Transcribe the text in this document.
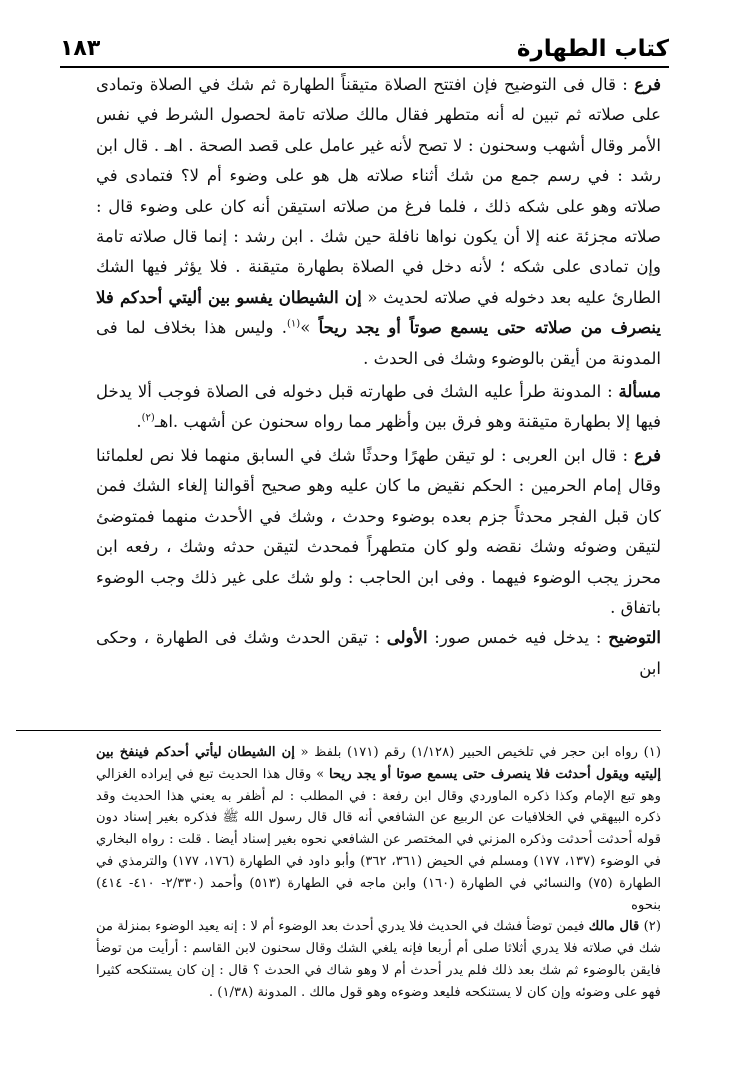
كتاب الطهارة
١٨٣

فرع : قال فى التوضيح فإن افتتح الصلاة متيقناً الطهارة ثم شك في الصلاة وتمادى على صلاته ثم تبين له أنه متطهر فقال مالك صلاته تامة لحصول الشرط في نفس الأمر وقال أشهب وسحنون : لا تصح لأنه غير عامل على قصد الصحة . اهـ . قال ابن رشد : في رسم جمع من شك أثناء صلاته هل هو على وضوء أم لا؟ فتمادى في صلاته وهو على شكه ذلك ، فلما فرغ من صلاته استيقن أنه كان على وضوء قال : صلاته مجزئة عنه إلا أن يكون نواها نافلة حين شك . ابن رشد : إنما قال صلاته تامة وإن تمادى على شكه ؛ لأنه دخل في الصلاة بطهارة متيقنة . فلا يؤثر فيها الشك الطارئ عليه بعد دخوله في صلاته لحديث « إن الشيطان يفسو بين أليتي أحدكم فلا ينصرف من صلاته حتى يسمع صوتاً أو يجد ريحاً »$^{(١)}$. وليس هذا بخلاف لما فى المدونة من أيقن بالوضوء وشك فى الحدث .

مسألة : المدونة طرأ عليه الشك فى طهارته قبل دخوله فى الصلاة فوجب ألا يدخل فيها إلا بطهارة متيقنة وهو فرق بين وأظهر مما رواه سحنون عن أشهب .اهـ$^{(٢)}$.

فرع : قال ابن العربى : لو تيقن طهرًا وحدثًا شك في السابق منهما فلا نص لعلمائنا وقال إمام الحرمين : الحكم نقيض ما كان عليه وهو صحيح أقوالنا إلغاء الشك فمن كان قبل الفجر محدثاً جزم بعده بوضوء وحدث ، وشك في الأحدث منهما فمتوضئ لتيقن وضوئه وشك نقضه ولو كان متطهراً فمحدث لتيقن حدثه وشك ، رفعه ابن محرز يجب الوضوء فيهما . وفى ابن الحاجب : ولو شك على غير ذلك وجب الوضوء باتفاق .

التوضيح : يدخل فيه خمس صور: الأولى : تيقن الحدث وشك فى الطهارة ، وحكى ابن

(١) رواه ابن حجر في تلخيص الحبير (١/١٢٨) رقم (١٧١) بلفظ « إن الشيطان ليأتي أحدكم فينفخ بين إليتيه ويقول أحدثت فلا ينصرف حتى يسمع صوتا أو يجد ريحا » وقال هذا الحديث تبع في إيراده الغزالي وهو تبع الإمام وكذا ذكره الماوردي وقال ابن رفعة : في المطلب : لم أظفر به يعني هذا الحديث وقد ذكره البيهقي في الخلافيات عن الربيع عن الشافعي أنه قال قال رسول الله ﷺ فذكره بغير إسناد دون قوله أحدثت أحدثت وذكره المزني في المختصر عن الشافعي نحوه بغير إسناد أيضا . قلت : رواه البخاري في الوضوء (١٣٧، ١٧٧) ومسلم في الحيض (٣٦١، ٣٦٢) وأبو داود في الطهارة (١٧٦، ١٧٧) والترمذي في الطهارة (٧٥) والنسائي في الطهارة (١٦٠) وابن ماجه في الطهارة (٥١٣) وأحمد (٢/٣٣٠- ٤١٠- ٤١٤) بنحوه

(٢) قال مالك فيمن توضأ فشك في الحديث فلا يدري أحدث بعد الوضوء أم لا : إنه يعيد الوضوء بمنزلة من شك في صلاته فلا يدري أثلاثا صلى أم أربعا فإنه يلغي الشك وقال سحنون لابن القاسم : أرأيت من توضأ فايقن بالوضوء ثم شك بعد ذلك فلم يدر أحدث أم لا وهو شاك في الحدث ؟ قال : إن كان يستنكحه كثيرا فهو على وضوئه وإن كان لا يستنكحه فليعد وضوءه وهو قول مالك . المدونة (١/٣٨) .
